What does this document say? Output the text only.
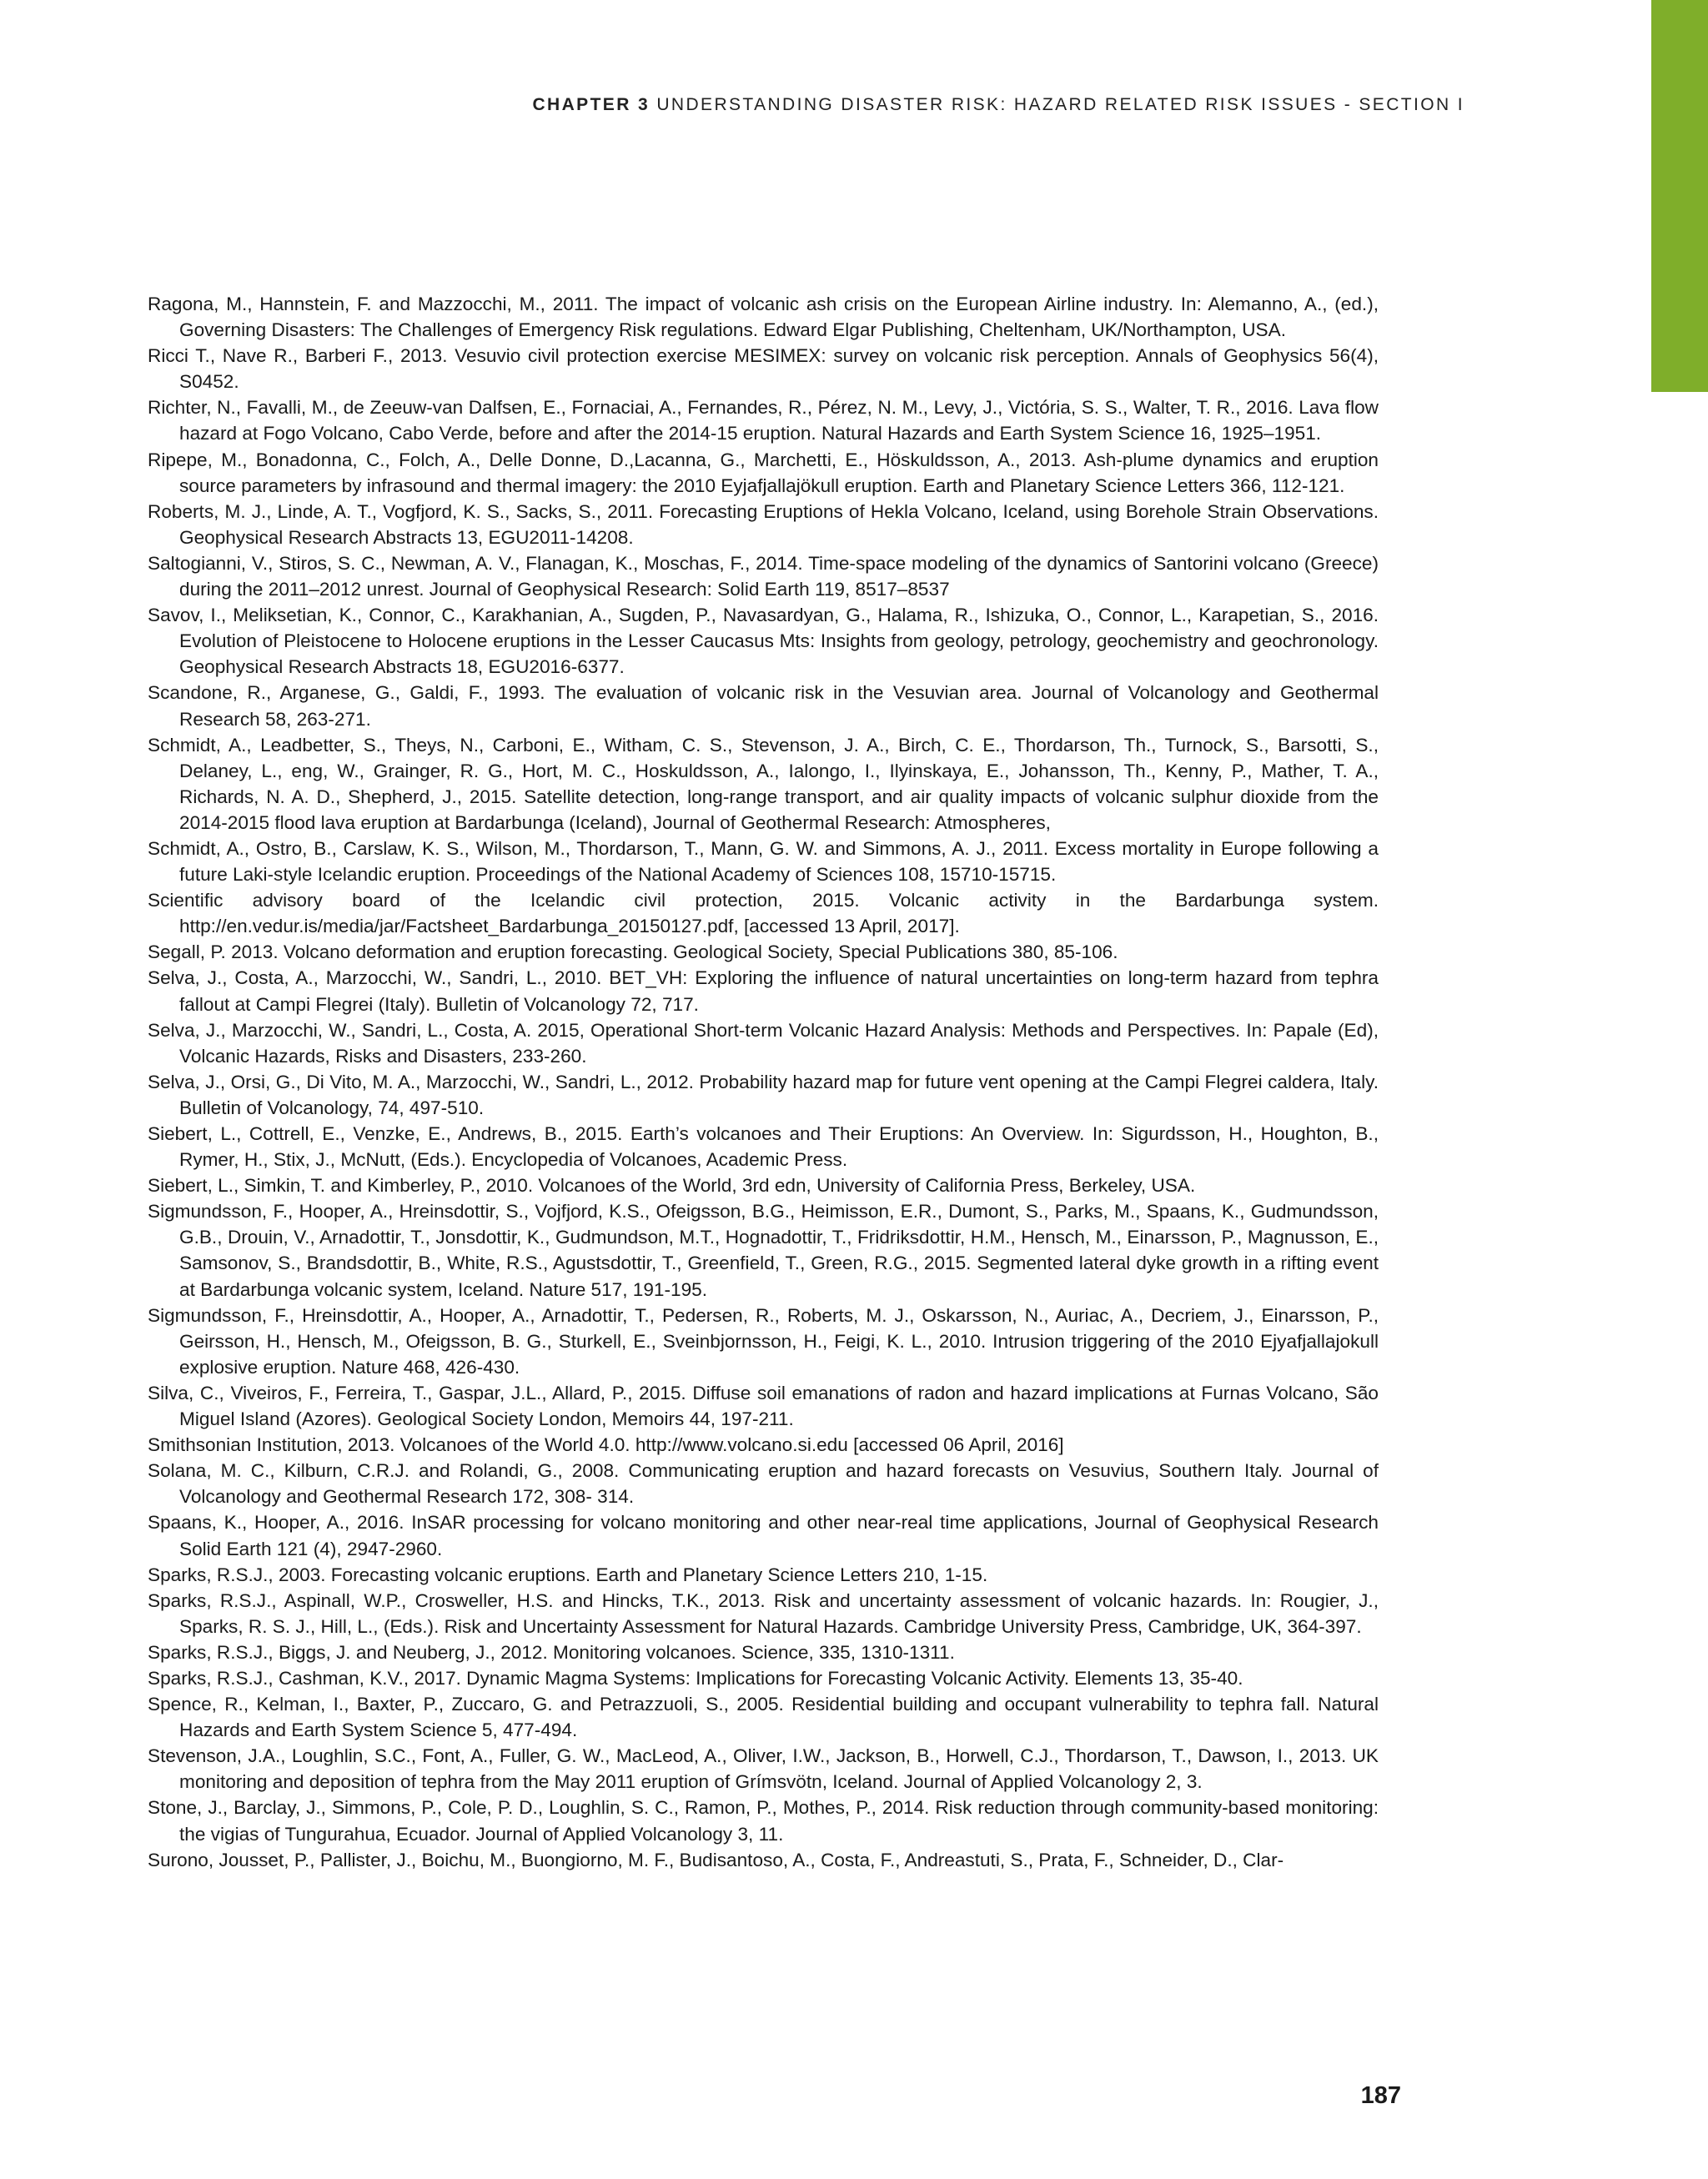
CHAPTER 3 UNDERSTANDING DISASTER RISK: HAZARD RELATED RISK ISSUES - SECTION I
Ragona, M., Hannstein, F. and Mazzocchi, M., 2011. The impact of volcanic ash crisis on the European Airline industry. In: Alemanno, A., (ed.), Governing Disasters: The Challenges of Emergency Risk regulations. Edward Elgar Publishing, Cheltenham, UK/Northampton, USA.
Ricci T., Nave R., Barberi F., 2013. Vesuvio civil protection exercise MESIMEX: survey on volcanic risk perception. Annals of Geophysics 56(4), S0452.
Richter, N., Favalli, M., de Zeeuw-van Dalfsen, E., Fornaciai, A., Fernandes, R., Pérez, N. M., Levy, J., Victória, S. S., Walter, T. R., 2016. Lava flow hazard at Fogo Volcano, Cabo Verde, before and after the 2014-15 eruption. Natural Hazards and Earth System Science 16, 1925–1951.
Ripepe, M., Bonadonna, C., Folch, A., Delle Donne, D.,Lacanna, G., Marchetti, E., Höskuldsson, A., 2013. Ash-plume dynamics and eruption source parameters by infrasound and thermal imagery: the 2010 Eyjafjallajökull eruption. Earth and Planetary Science Letters 366, 112-121.
Roberts, M. J., Linde, A. T., Vogfjord, K. S., Sacks, S., 2011. Forecasting Eruptions of Hekla Volcano, Iceland, using Borehole Strain Observations. Geophysical Research Abstracts 13, EGU2011-14208.
Saltogianni, V., Stiros, S. C., Newman, A. V., Flanagan, K., Moschas, F., 2014. Time-space modeling of the dynamics of Santorini volcano (Greece) during the 2011–2012 unrest. Journal of Geophysical Research: Solid Earth 119, 8517–8537
Savov, I., Meliksetian, K., Connor, C., Karakhanian, A., Sugden, P., Navasardyan, G., Halama, R., Ishizuka, O., Connor, L., Karapetian, S., 2016. Evolution of Pleistocene to Holocene eruptions in the Lesser Caucasus Mts: Insights from geology, petrology, geochemistry and geochronology. Geophysical Research Abstracts 18, EGU2016-6377.
Scandone, R., Arganese, G., Galdi, F., 1993. The evaluation of volcanic risk in the Vesuvian area. Journal of Volcanology and Geothermal Research 58, 263-271.
Schmidt, A., Leadbetter, S., Theys, N., Carboni, E., Witham, C. S., Stevenson, J. A., Birch, C. E., Thordarson, Th., Turnock, S., Barsotti, S., Delaney, L., eng, W., Grainger, R. G., Hort, M. C., Hoskuldsson, A., Ialongo, I., Ilyinskaya, E., Johansson, Th., Kenny, P., Mather, T. A., Richards, N. A. D., Shepherd, J., 2015. Satellite detection, long-range transport, and air quality impacts of volcanic sulphur dioxide from the 2014-2015 flood lava eruption at Bardarbunga (Iceland), Journal of Geothermal Research: Atmospheres,
Schmidt, A., Ostro, B., Carslaw, K. S., Wilson, M., Thordarson, T., Mann, G. W. and Simmons, A. J., 2011. Excess mortality in Europe following a future Laki-style Icelandic eruption. Proceedings of the National Academy of Sciences 108, 15710-15715.
Scientific advisory board of the Icelandic civil protection, 2015. Volcanic activity in the Bardarbunga system. http://en.vedur.is/media/jar/Factsheet_Bardarbunga_20150127.pdf, [accessed 13 April, 2017].
Segall, P. 2013. Volcano deformation and eruption forecasting. Geological Society, Special Publications 380, 85-106.
Selva, J., Costa, A., Marzocchi, W., Sandri, L., 2010. BET_VH: Exploring the influence of natural uncertainties on long-term hazard from tephra fallout at Campi Flegrei (Italy). Bulletin of Volcanology 72, 717.
Selva, J., Marzocchi, W., Sandri, L., Costa, A. 2015, Operational Short-term Volcanic Hazard Analysis: Methods and Perspectives. In: Papale (Ed), Volcanic Hazards, Risks and Disasters, 233-260.
Selva, J., Orsi, G., Di Vito, M. A., Marzocchi, W., Sandri, L., 2012. Probability hazard map for future vent opening at the Campi Flegrei caldera, Italy. Bulletin of Volcanology, 74, 497-510.
Siebert, L., Cottrell, E., Venzke, E., Andrews, B., 2015. Earth’s volcanoes and Their Eruptions: An Overview. In: Sigurdsson, H., Houghton, B., Rymer, H., Stix, J., McNutt, (Eds.). Encyclopedia of Volcanoes, Academic Press.
Siebert, L., Simkin, T. and Kimberley, P., 2010. Volcanoes of the World, 3rd edn, University of California Press, Berkeley, USA.
Sigmundsson, F., Hooper, A., Hreinsdottir, S., Vojfjord, K.S., Ofeigsson, B.G., Heimisson, E.R., Dumont, S., Parks, M., Spaans, K., Gudmundsson, G.B., Drouin, V., Arnadottir, T., Jonsdottir, K., Gudmundson, M.T., Hognadottir, T., Fridriksdottir, H.M., Hensch, M., Einarsson, P., Magnusson, E., Samsonov, S., Brandsdottir, B., White, R.S., Agustsdottir, T., Greenfield, T., Green, R.G., 2015. Segmented lateral dyke growth in a rifting event at Bardarbunga volcanic system, Iceland. Nature 517, 191-195.
Sigmundsson, F., Hreinsdottir, A., Hooper, A., Arnadottir, T., Pedersen, R., Roberts, M. J., Oskarsson, N., Auriac, A., Decriem, J., Einarsson, P., Geirsson, H., Hensch, M., Ofeigsson, B. G., Sturkell, E., Sveinbjornsson, H., Feigi, K. L., 2010. Intrusion triggering of the 2010 Ejyafjallajokull explosive eruption. Nature 468, 426-430.
Silva, C., Viveiros, F., Ferreira, T., Gaspar, J.L., Allard, P., 2015. Diffuse soil emanations of radon and hazard implications at Furnas Volcano, São Miguel Island (Azores). Geological Society London, Memoirs 44, 197-211.
Smithsonian Institution, 2013. Volcanoes of the World 4.0. http://www.volcano.si.edu [accessed 06 April, 2016]
Solana, M. C., Kilburn, C.R.J. and Rolandi, G., 2008. Communicating eruption and hazard forecasts on Vesuvius, Southern Italy. Journal of Volcanology and Geothermal Research 172, 308- 314.
Spaans, K., Hooper, A., 2016. InSAR processing for volcano monitoring and other near-real time applications, Journal of Geophysical Research Solid Earth 121 (4), 2947-2960.
Sparks, R.S.J., 2003. Forecasting volcanic eruptions. Earth and Planetary Science Letters 210, 1-15.
Sparks, R.S.J., Aspinall, W.P., Crosweller, H.S. and Hincks, T.K., 2013. Risk and uncertainty assessment of volcanic hazards. In: Rougier, J., Sparks, R. S. J., Hill, L., (Eds.). Risk and Uncertainty Assessment for Natural Hazards. Cambridge University Press, Cambridge, UK, 364-397.
Sparks, R.S.J., Biggs, J. and Neuberg, J., 2012. Monitoring volcanoes. Science, 335, 1310-1311.
Sparks, R.S.J., Cashman, K.V., 2017. Dynamic Magma Systems: Implications for Forecasting Volcanic Activity. Elements 13, 35-40.
Spence, R., Kelman, I., Baxter, P., Zuccaro, G. and Petrazzuoli, S., 2005. Residential building and occupant vulnerability to tephra fall. Natural Hazards and Earth System Science 5, 477-494.
Stevenson, J.A., Loughlin, S.C., Font, A., Fuller, G. W., MacLeod, A., Oliver, I.W., Jackson, B., Horwell, C.J., Thordarson, T., Dawson, I., 2013. UK monitoring and deposition of tephra from the May 2011 eruption of Grímsvötn, Iceland. Journal of Applied Volcanology 2, 3.
Stone, J., Barclay, J., Simmons, P., Cole, P. D., Loughlin, S. C., Ramon, P., Mothes, P., 2014. Risk reduction through community-based monitoring: the vigias of Tungurahua, Ecuador. Journal of Applied Volcanology 3, 11.
Surono, Jousset, P., Pallister, J., Boichu, M., Buongiorno, M. F., Budisantoso, A., Costa, F., Andreastuti, S., Prata, F., Schneider, D., Clar-
187
